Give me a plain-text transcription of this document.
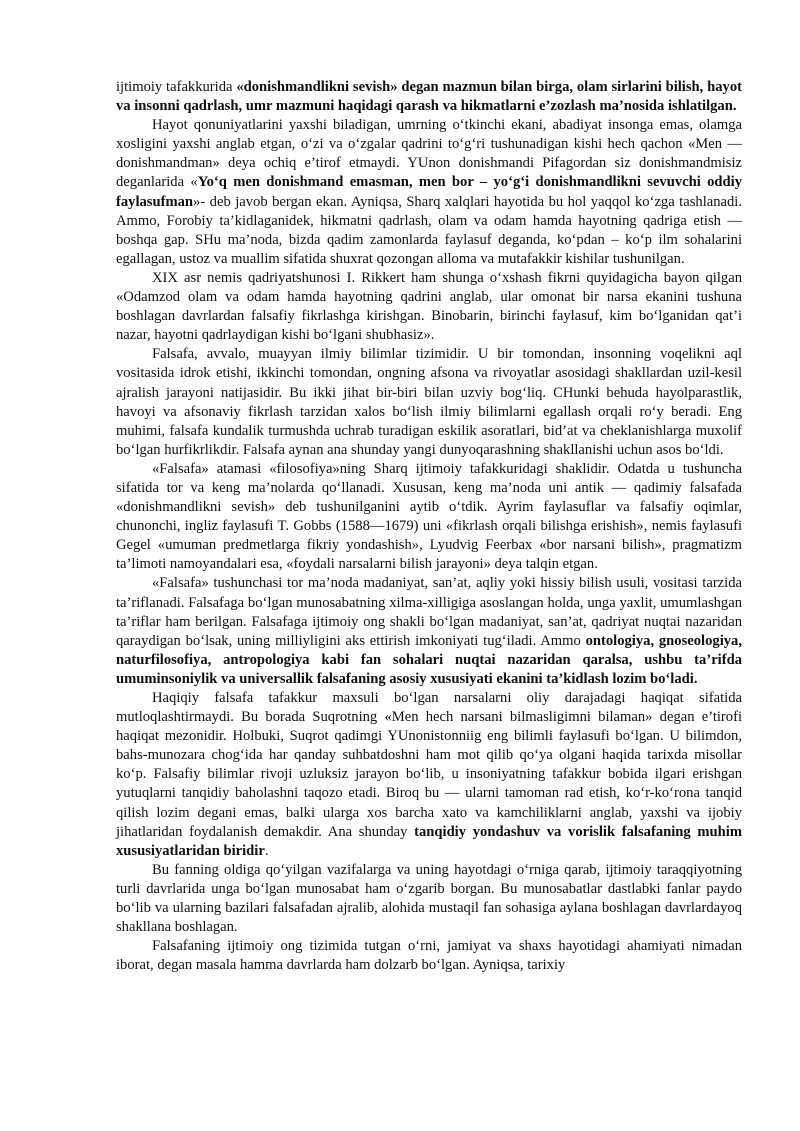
ijtimoiy tafakkurida «donishmandlikni sevish» degan mazmun bilan birga, olam sirlarini bilish, hayot va insonni qadrlash, umr mazmuni haqidagi qarash va hikmatlarni e’zozlash ma’nosida ishlatilgan.

Hayot qonuniyatlarini yaxshi biladigan, umrning o‘tkinchi ekani, abadiyat insonga emas, olamga xosligini yaxshi anglab etgan, o‘zi va o‘zgalar qadrini to‘g‘ri tushunadigan kishi hech qachon «Men — donishmandman» deya ochiq e’tirof etmaydi. YUnon donishmandi Pifagordan siz donishmandmisiz deganlarida «Yo‘q men donishmand emasman, men bor – yo‘g‘i donishmandlikni sevuvchi oddiy faylasufman»- deb javob bergan ekan. Ayniqsa, Sharq xalqlari hayotida bu hol yaqqol ko‘zga tashlanadi. Ammo, Forobiy ta’kidlaganidek, hikmatni qadrlash, olam va odam hamda hayotning qadriga etish — boshqa gap. SHu ma’noda, bizda qadim zamonlarda faylasuf deganda, ko‘pdan – ko‘p ilm sohalarini egallagan, ustoz va muallim sifatida shuxrat qozongan alloma va mutafakkir kishilar tushunilgan.

XIX asr nemis qadriyatshunosi I. Rikkert ham shunga o‘xshash fikrni quyidagicha bayon qilgan «Odamzod olam va odam hamda hayotning qadrini anglab, ular omonat bir narsa ekanini tushuna boshlagan davrlardan falsafiy fikrlashga kirishgan. Binobarin, birinchi faylasuf, kim bo‘lganidan qat’i nazar, hayotni qadrlaydigan kishi bo‘lgani shubhasiz».

Falsafa, avvalo, muayyan ilmiy bilimlar tizimidir. U bir tomondan, insonning voqelikni aql vositasida idrok etishi, ikkinchi tomondan, ongning afsona va rivoyatlar asosidagi shakllardan uzil-kesil ajralish jarayoni natijasidir. Bu ikki jihat bir-biri bilan uzviy bog‘liq. CHunki behuda hayolparastlik, havoyi va afsonaviy fikrlash tarzidan xalos bo‘lish ilmiy bilimlarni egallash orqali ro‘y beradi. Eng muhimi, falsafa kundalik turmushda uchrab turadigan eskilik asoratlari, bid’at va cheklanishlarga muxolif bo‘lgan hurfikrlikdir. Falsafa aynan ana shunday yangi dunyoqarashning shakllanishi uchun asos bo‘ldi.

«Falsafa» atamasi «filosofiya»ning Sharq ijtimoiy tafakkuridagi shaklidir. Odatda u tushuncha sifatida tor va keng ma’nolarda qo‘llanadi. Xususan, keng ma’noda uni antik — qadimiy falsafada «donishmandlikni sevish» deb tushunilganini aytib o‘tdik. Ayrim faylasuflar va falsafiy oqimlar, chunonchi, ingliz faylasufi T. Gobbs (1588—1679) uni «fikrlash orqali bilishga erishish», nemis faylasufi Gegel «umuman predmetlarga fikriy yondashish», Lyudvig Feerbax «bor narsani bilish», pragmatizm ta’limoti namoyandalari esa, «foydali narsalarni bilish jarayoni» deya talqin etgan.

«Falsafa» tushunchasi tor ma’noda madaniyat, san’at, aqliy yoki hissiy bilish usuli, vositasi tarzida ta’riflanadi. Falsafaga bo‘lgan munosabatning xilma-xilligiga asoslangan holda, unga yaxlit, umumlashgan ta’riflar ham berilgan. Falsafaga ijtimoiy ong shakli bo‘lgan madaniyat, san’at, qadriyat nuqtai nazaridan qaraydigan bo‘lsak, uning milliyligini aks ettirish imkoniyati tug‘iladi. Ammo ontologiya, gnoseologiya, naturfilosofiya, antropologiya kabi fan sohalari nuqtai nazaridan qaralsa, ushbu ta’rifda umuminsoniylik va universallik falsafaning asosiy xususiyati ekanini ta’kidlash lozim bo‘ladi.

Haqiqiy falsafa tafakkur maxsuli bo‘lgan narsalarni oliy darajadagi haqiqat sifatida mutloqlashtirmaydi. Bu borada Suqrotning «Men hech narsani bilmasligimni bilaman» degan e’tirofi haqiqat mezonidir. Holbuki, Suqrot qadimgi YUnonistonniig eng bilimli faylasufi bo‘lgan. U bilimdon, bahs-munozara chog‘ida har qanday suhbatdoshni ham mot qilib qo‘ya olgani haqida tarixda misollar ko‘p. Falsafiy bilimlar rivoji uzluksiz jarayon bo‘lib, u insoniyatning tafakkur bobida ilgari erishgan yutuqlarni tanqidiy baholashni taqozo etadi. Biroq bu — ularni tamoman rad etish, ko‘r-ko‘rona tanqid qilish lozim degani emas, balki ularga xos barcha xato va kamchiliklarni anglab, yaxshi va ijobiy jihatlaridan foydalanish demakdir. Ana shunday tanqidiy yondashuv va vorislik falsafaning muhim xususiyatlaridan biridir.

Bu fanning oldiga qo‘yilgan vazifalarga va uning hayotdagi o‘rniga qarab, ijtimoiy taraqqiyotning turli davrlarida unga bo‘lgan munosabat ham o‘zgarib borgan. Bu munosabatlar dastlabki fanlar paydo bo‘lib va ularning bazilari falsafadan ajralib, alohida mustaqil fan sohasiga aylana boshlagan davrlardayoq shakllana boshlagan.

Falsafaning ijtimoiy ong tizimida tutgan o‘rni, jamiyat va shaxs hayotidagi ahamiyati nimadan iborat, degan masala hamma davrlarda ham dolzarb bo‘lgan. Ayniqsa, tarixiy
